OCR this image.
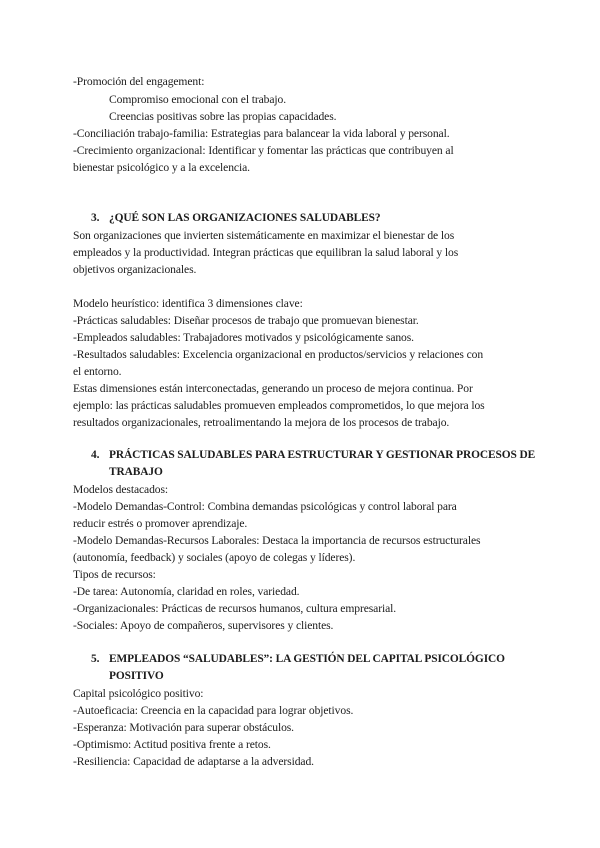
-Promoción del engagement:
Compromiso emocional con el trabajo.
Creencias positivas sobre las propias capacidades.
-Conciliación trabajo-familia: Estrategias para balancear la vida laboral y personal.
-Crecimiento organizacional: Identificar y fomentar las prácticas que contribuyen al
bienestar psicológico y a la excelencia.
3. ¿QUÉ SON LAS ORGANIZACIONES SALUDABLES?
Son organizaciones que invierten sistemáticamente en maximizar el bienestar de los
empleados y la productividad. Integran prácticas que equilibran la salud laboral y los
objetivos organizacionales.
Modelo heurístico: identifica 3 dimensiones clave:
-Prácticas saludables: Diseñar procesos de trabajo que promuevan bienestar.
-Empleados saludables: Trabajadores motivados y psicológicamente sanos.
-Resultados saludables: Excelencia organizacional en productos/servicios y relaciones con
el entorno.
Estas dimensiones están interconectadas, generando un proceso de mejora continua. Por
ejemplo: las prácticas saludables promueven empleados comprometidos, lo que mejora los
resultados organizacionales, retroalimentando la mejora de los procesos de trabajo.
4. PRÁCTICAS SALUDABLES PARA ESTRUCTURAR Y GESTIONAR PROCESOS DE
TRABAJO
Modelos destacados:
-Modelo Demandas-Control: Combina demandas psicológicas y control laboral para
reducir estrés o promover aprendizaje.
-Modelo Demandas-Recursos Laborales: Destaca la importancia de recursos estructurales
(autonomía, feedback) y sociales (apoyo de colegas y líderes).
Tipos de recursos:
-De tarea: Autonomía, claridad en roles, variedad.
-Organizacionales: Prácticas de recursos humanos, cultura empresarial.
-Sociales: Apoyo de compañeros, supervisores y clientes.
5. EMPLEADOS “SALUDABLES”: LA GESTIÓN DEL CAPITAL PSICOLÓGICO
POSITIVO
Capital psicológico positivo:
-Autoeficacia: Creencia en la capacidad para lograr objetivos.
-Esperanza: Motivación para superar obstáculos.
-Optimismo: Actitud positiva frente a retos.
-Resiliencia: Capacidad de adaptarse a la adversidad.
